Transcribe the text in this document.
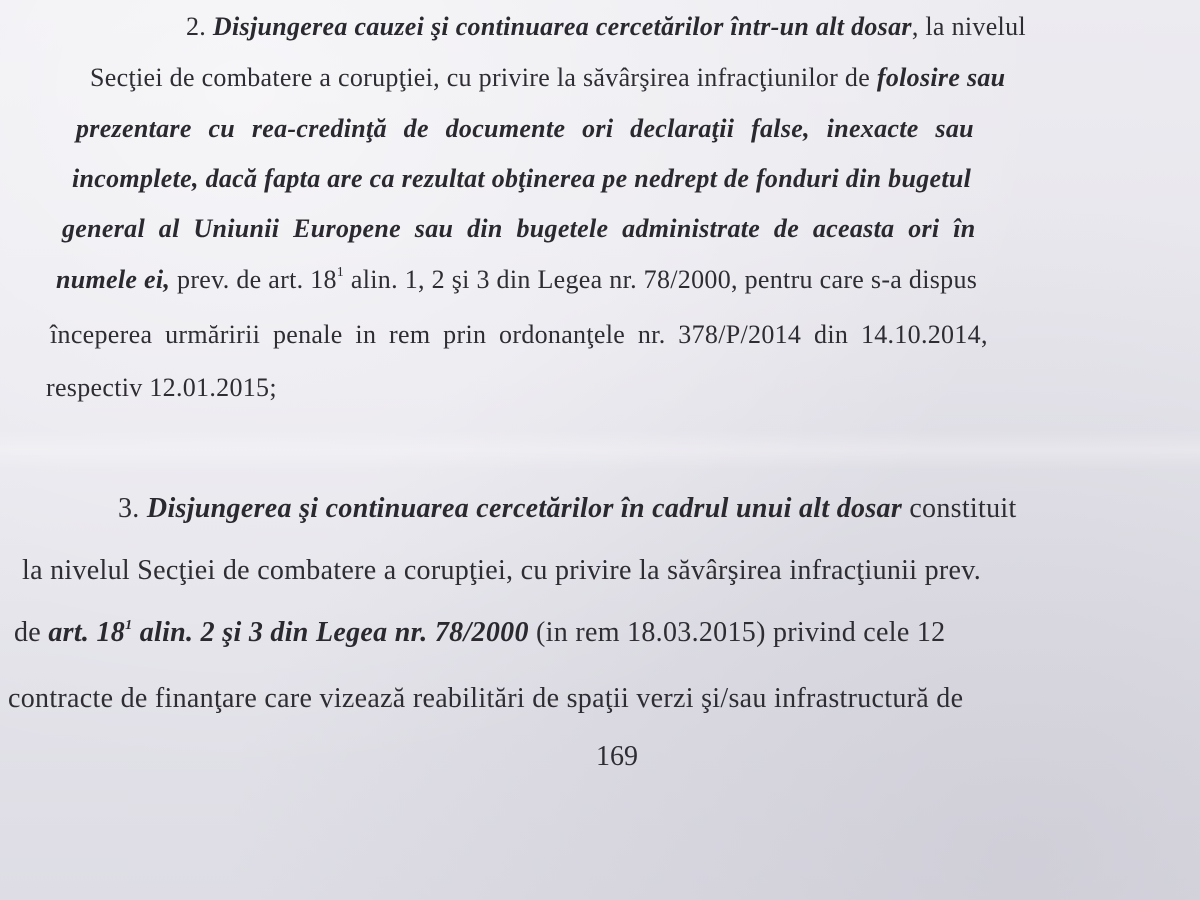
2. Disjungerea cauzei şi continuarea cercetărilor într-un alt dosar, la nivelul
Secţiei de combatere a corupţiei, cu privire la săvârşirea infracţiunilor de folosire sau
prezentare cu rea-credinţă de documente ori declaraţii false, inexacte sau
incomplete, dacă fapta are ca rezultat obţinerea pe nedrept de fonduri din bugetul
general al Uniunii Europene sau din bugetele administrate de aceasta ori în
numele ei, prev. de art. $18^1$ alin. 1, 2 şi 3 din Legea nr. 78/2000, pentru care s-a dispus
începerea urmăririi penale in rem prin ordonanţele nr. 378/P/2014 din 14.10.2014,
respectiv 12.01.2015;
3. Disjungerea şi continuarea cercetărilor în cadrul unui alt dosar constituit
la nivelul Secţiei de combatere a corupţiei, cu privire la săvârşirea infracţiunii prev.
de art. $18^1$ alin. 2 şi 3 din Legea nr. 78/2000 (in rem 18.03.2015) privind cele 12
contracte de finanţare care vizează reabilitări de spaţii verzi şi/sau infrastructură de
169
